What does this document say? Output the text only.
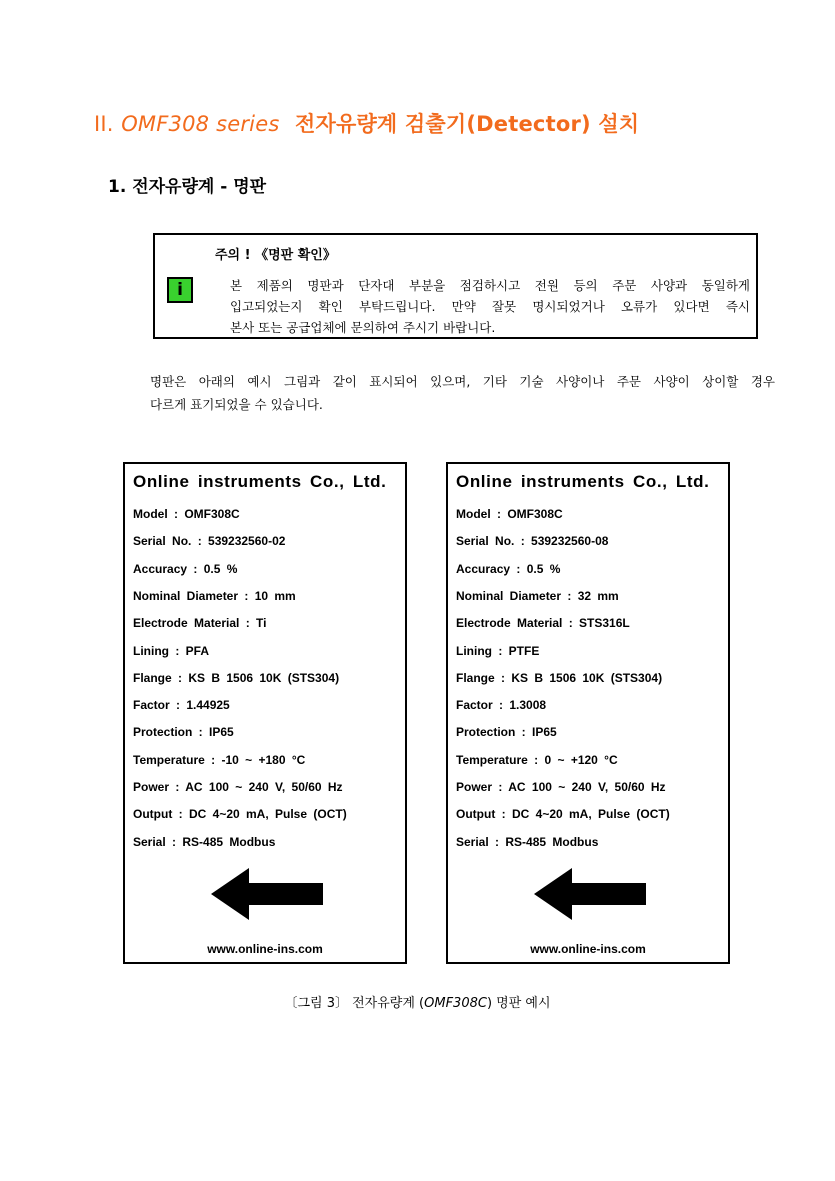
II. OMF308 series 전자유량계 검출기(Detector) 설치
1. 전자유량계 - 명판
주의 ! 《명판 확인》
i	본 제품의 명판과 단자대 부분을 점검하시고 전원 등의 주문 사양과 동일하게
입고되었는지 확인 부탁드립니다. 만약 잘못 명시되었거나 오류가 있다면 즉시
본사 또는 공급업체에 문의하여 주시기 바랍니다.
명판은 아래의 예시 그림과 같이 표시되어 있으며, 기타 기술 사양이나 주문 사양이 상이할 경우
다르게 표기되었을 수 있습니다.
Online instruments Co., Ltd.
Model : OMF308C
Serial No. : 539232560-02
Accuracy : 0.5 %
Nominal Diameter : 10 mm
Electrode Material : Ti
Lining : PFA
Flange : KS B 1506 10K (STS304)
Factor : 1.44925
Protection : IP65
Temperature : -10 ~ +180 °C
Power : AC 100 ~ 240 V, 50/60 Hz
Output : DC 4~20 mA, Pulse (OCT)
Serial : RS-485 Modbus
www.online-ins.com
Online instruments Co., Ltd.
Model : OMF308C
Serial No. : 539232560-08
Accuracy : 0.5 %
Nominal Diameter : 32 mm
Electrode Material : STS316L
Lining : PTFE
Flange : KS B 1506 10K (STS304)
Factor : 1.3008
Protection : IP65
Temperature : 0 ~ +120 °C
Power : AC 100 ~ 240 V, 50/60 Hz
Output : DC 4~20 mA, Pulse (OCT)
Serial : RS-485 Modbus
www.online-ins.com
〔그림 3〕 전자유량계 (OMF308C) 명판 예시
